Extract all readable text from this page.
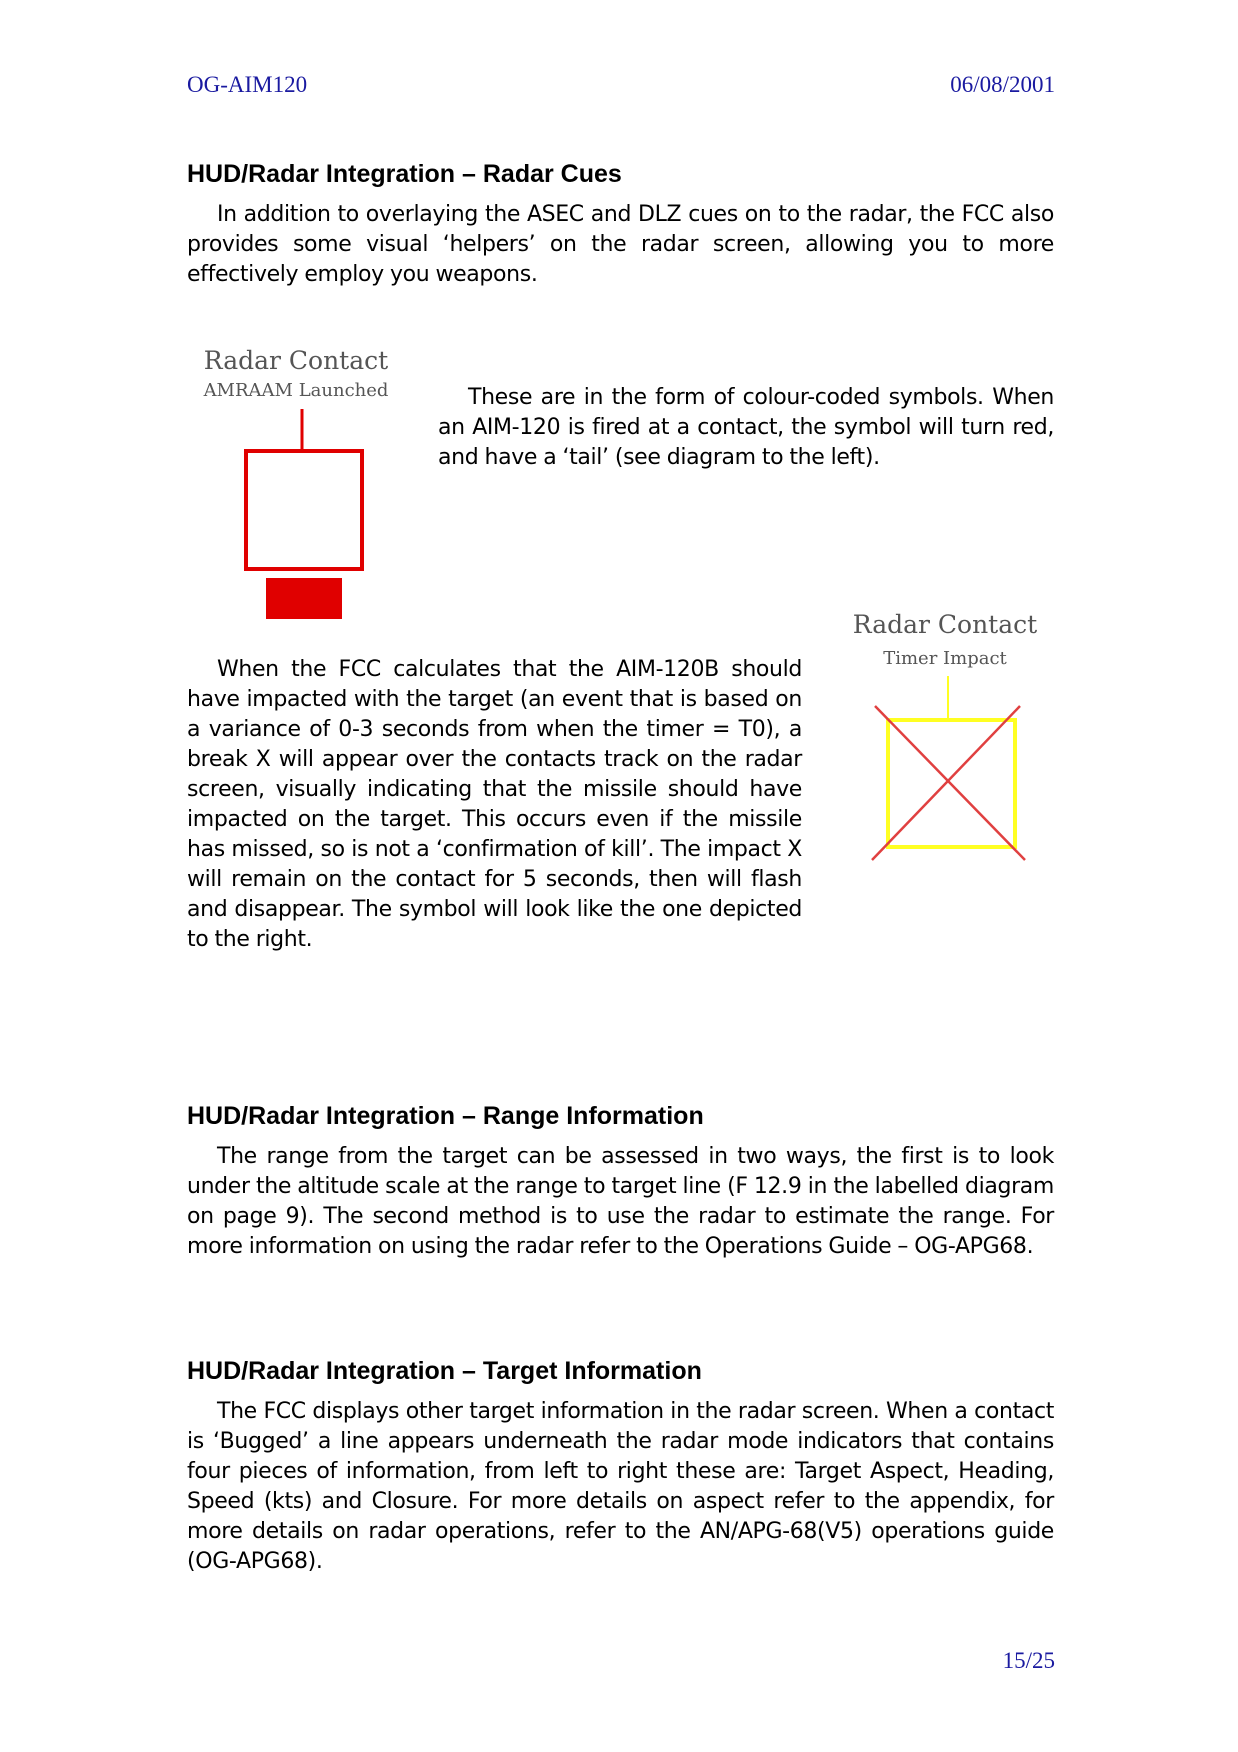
OG-AIM120	06/08/2001
HUD/Radar Integration – Radar Cues

In addition to overlaying the ASEC and DLZ cues on to the radar, the FCC also provides some visual ‘helpers’ on the radar screen, allowing you to more effectively employ you weapons.

Radar Contact
AMRAAM Launched	These are in the form of colour-coded symbols. When an AIM-120 is fired at a contact, the symbol will turn red, and have a ‘tail’ (see diagram to the left).

Radar Contact
Timer Impact

When the FCC calculates that the AIM-120B should have impacted with the target (an event that is based on a variance of 0-3 seconds from when the timer = T0), a break X will appear over the contacts track on the radar screen, visually indicating that the missile should have impacted on the target. This occurs even if the missile has missed, so is not a ‘confirmation of kill’. The impact X will remain on the contact for 5 seconds, then will flash and disappear. The symbol will look like the one depicted to the right.

HUD/Radar Integration – Range Information

The range from the target can be assessed in two ways, the first is to look under the altitude scale at the range to target line (F 12.9 in the labelled diagram on page 9). The second method is to use the radar to estimate the range. For more information on using the radar refer to the Operations Guide – OG-APG68.

HUD/Radar Integration – Target Information

The FCC displays other target information in the radar screen. When a contact is ‘Bugged’ a line appears underneath the radar mode indicators that contains four pieces of information, from left to right these are: Target Aspect, Heading, Speed (kts) and Closure. For more details on aspect refer to the appendix, for more details on radar operations, refer to the AN/APG-68(V5) operations guide (OG-APG68).

15/25
